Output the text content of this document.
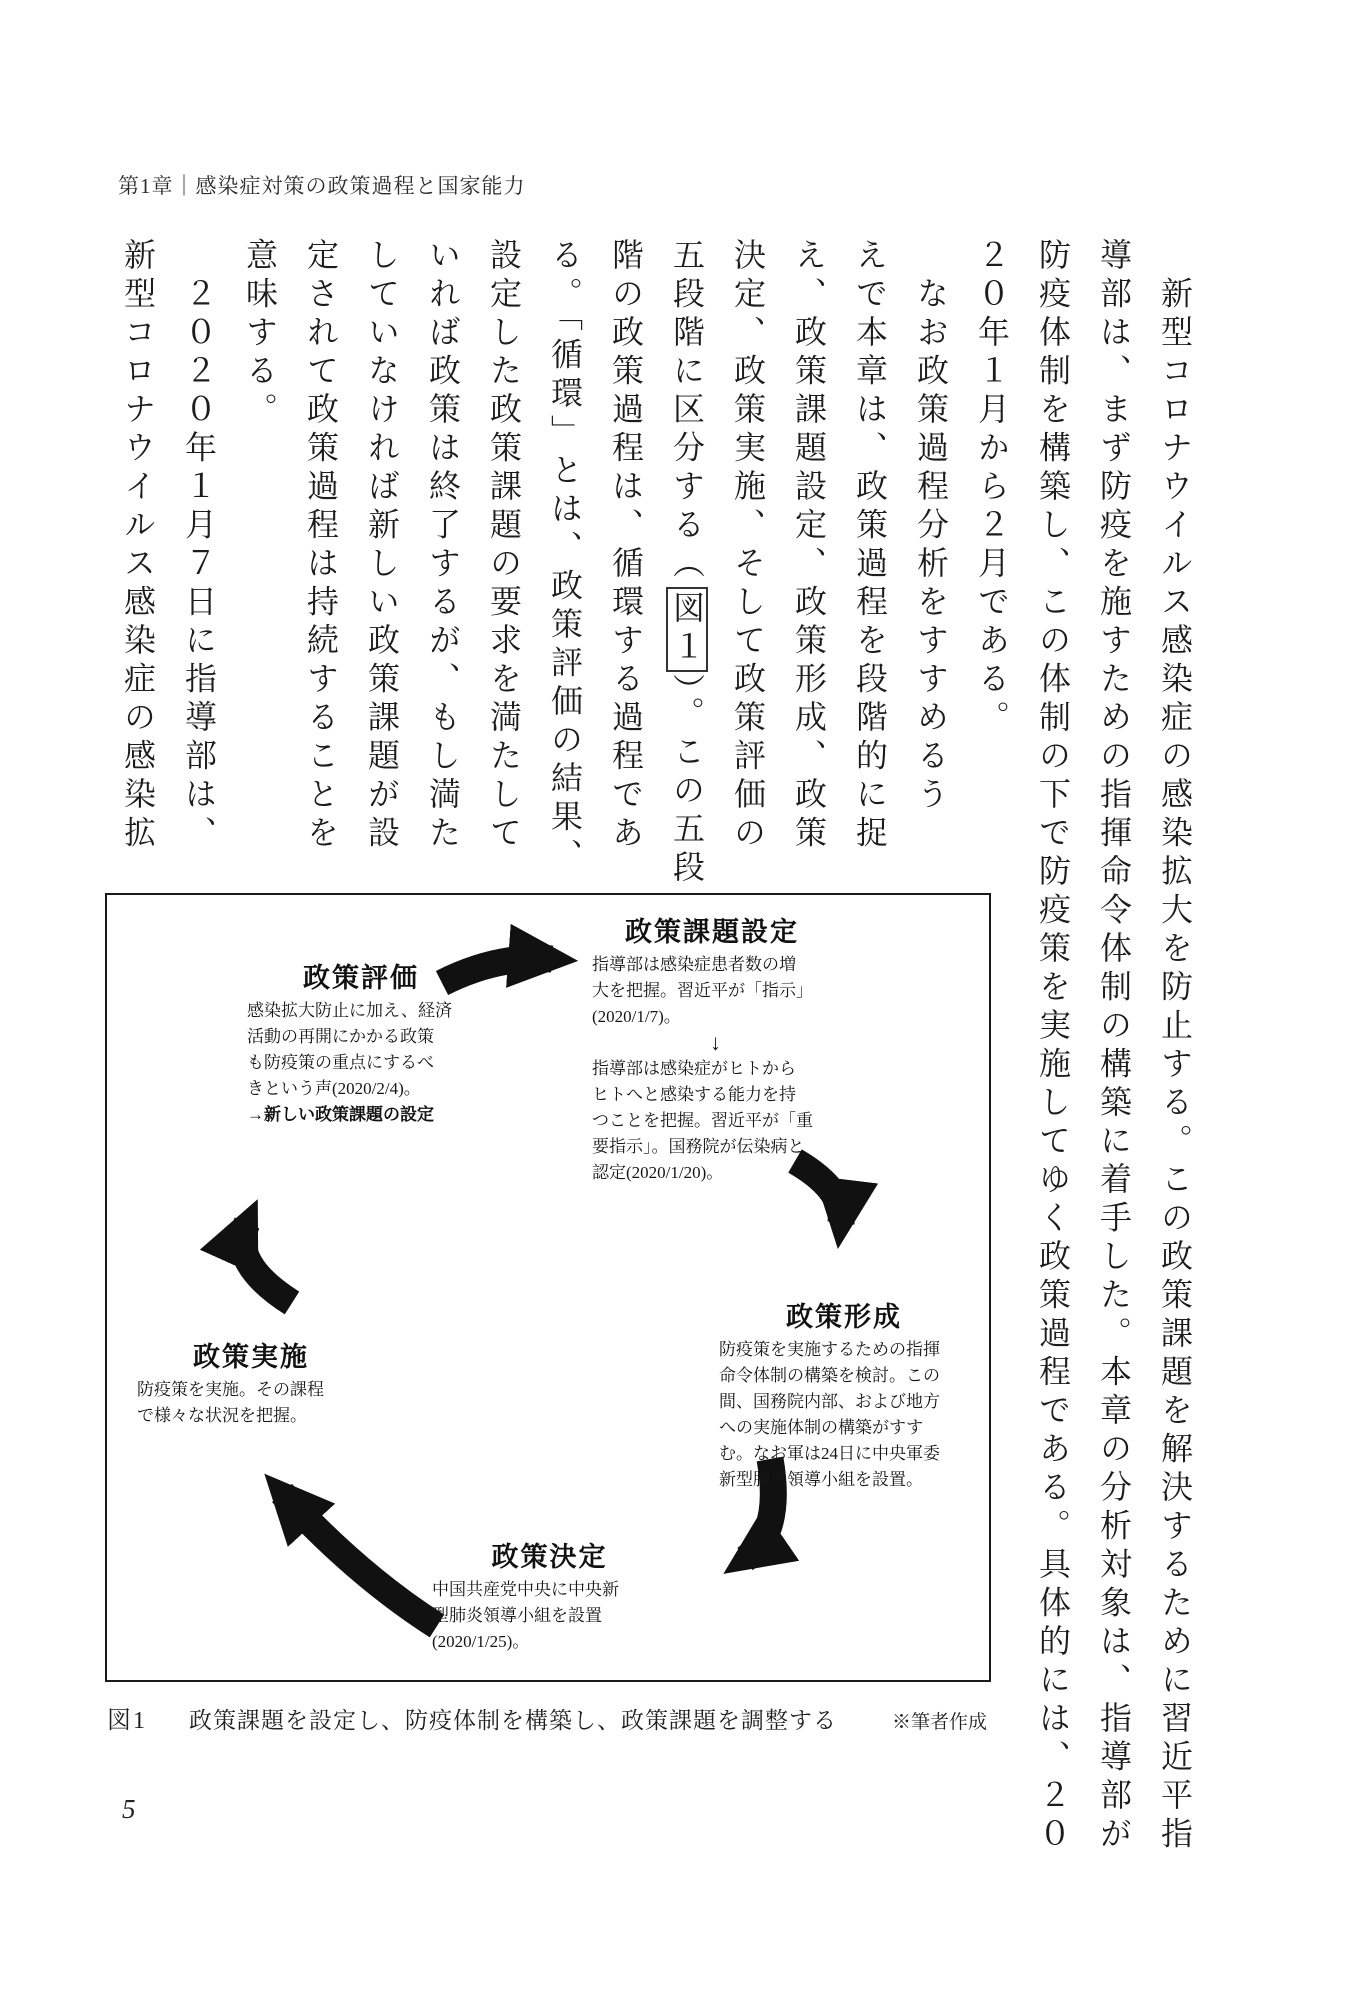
第1章｜感染症対策の政策過程と国家能力
　新型コロナウイルス感染症の感染拡大を防止する。この政策課題を解決するために習近平指
導部は、まず防疫を施すための指揮命令体制の構築に着手した。本章の分析対象は、指導部が
防疫体制を構築し、この体制の下で防疫策を実施してゆく政策過程である。具体的には、２０
２０年１月から２月である。
　なお政策過程分析をすすめるう
えで本章は、政策過程を段階的に捉
え、政策課題設定、政策形成、政策
決定、政策実施、そして政策評価の
五段階に区分する（図１）。この五段
階の政策過程は、循環する過程であ
る。「循環」とは、政策評価の結果、
設定した政策課題の要求を満たして
いれば政策は終了するが、もし満た
していなければ新しい政策課題が設
定されて政策過程は持続することを
意味する。
　２０２０年１月７日に指導部は、
新型コロナウイルス感染症の感染拡
政策課題設定
指導部は感染症患者数の増
大を把握。習近平が「指示」
(2020/1/7)。
↓
指導部は感染症がヒトから
ヒトへと感染する能力を持
つことを把握。習近平が「重
要指示」。国務院が伝染病と
認定(2020/1/20)。
政策評価
感染拡大防止に加え、経済
活動の再開にかかる政策
も防疫策の重点にするべ
きという声(2020/2/4)。
→新しい政策課題の設定
政策形成
防疫策を実施するための指揮
命令体制の構築を検討。この
間、国務院内部、および地方
への実施体制の構築がすす
む。なお軍は24日に中央軍委
新型肺炎領導小組を設置。
政策実施
防疫策を実施。その課程
で様々な状況を把握。
政策決定
中国共産党中央に中央新
型肺炎領導小組を設置
(2020/1/25)。
図1 政策課題を設定し、防疫体制を構築し、政策課題を調整する	※筆者作成
5
